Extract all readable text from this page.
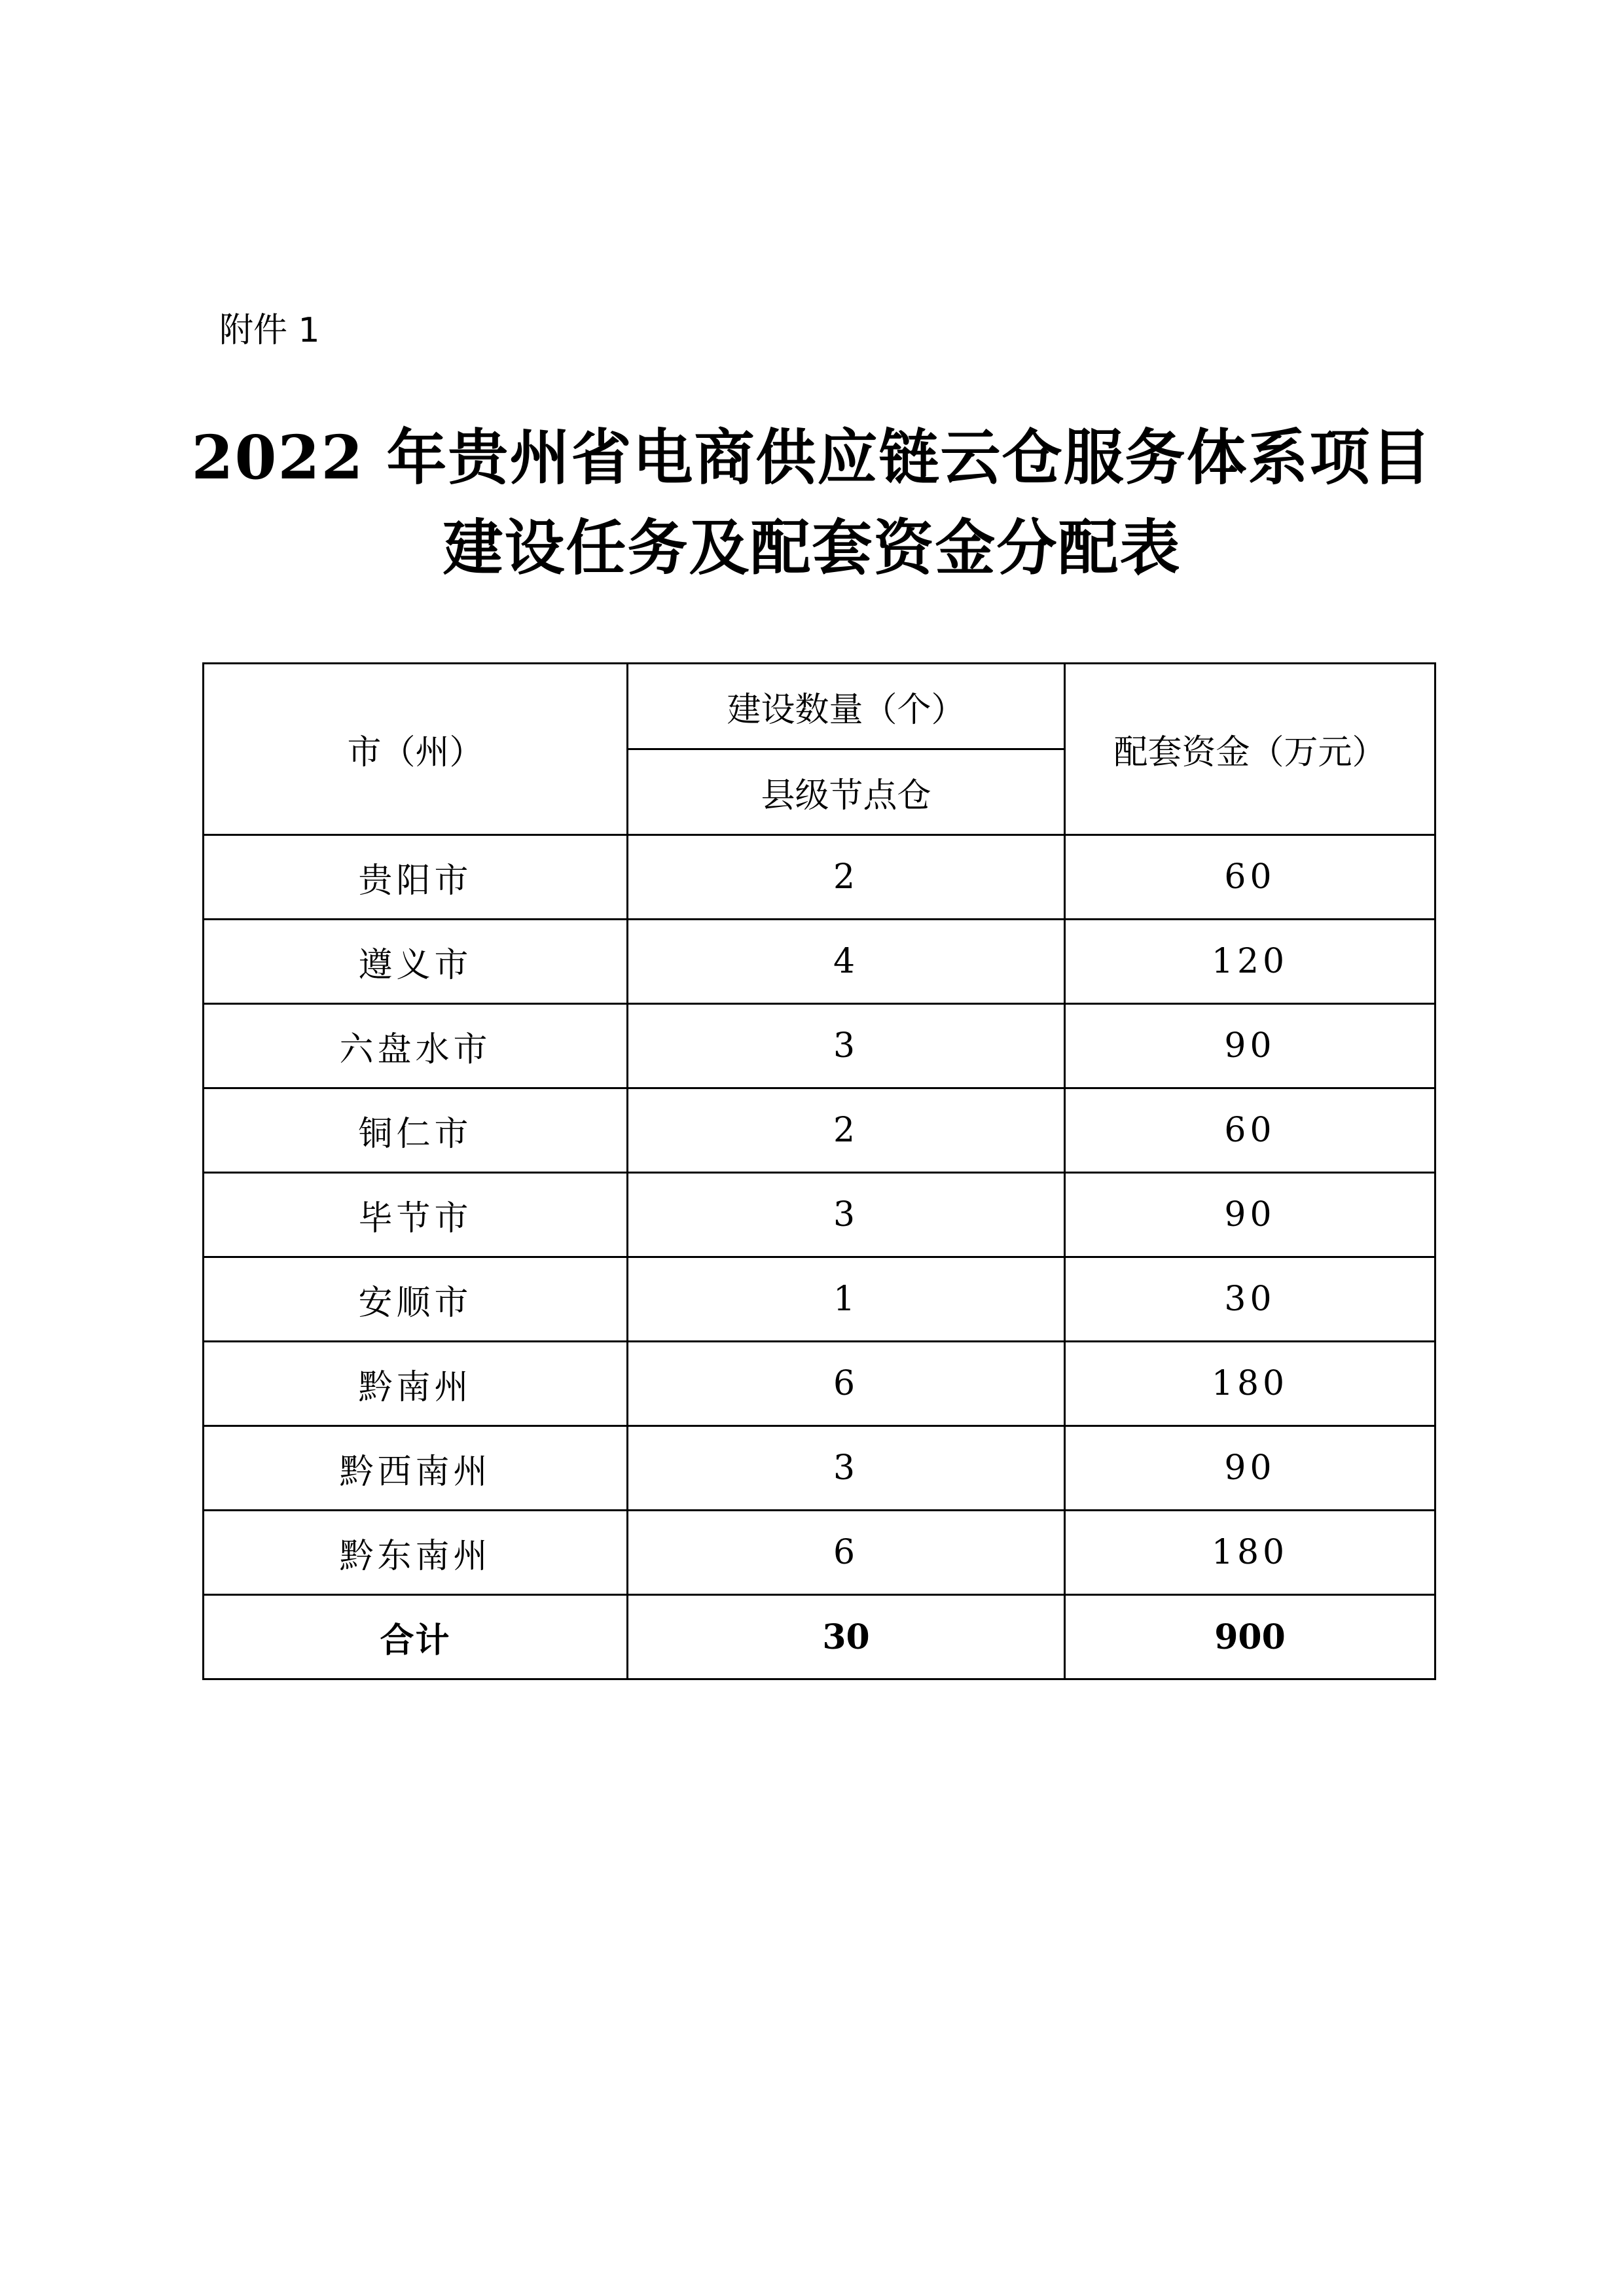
附件 1
2022 年贵州省电商供应链云仓服务体系项目
建设任务及配套资金分配表
市（州）	建设数量（个）	配套资金（万元）
	县级节点仓	
贵阳市	2	60
遵义市	4	120
六盘水市	3	90
铜仁市	2	60
毕节市	3	90
安顺市	1	30
黔南州	6	180
黔西南州	3	90
黔东南州	6	180
合计	30	900
